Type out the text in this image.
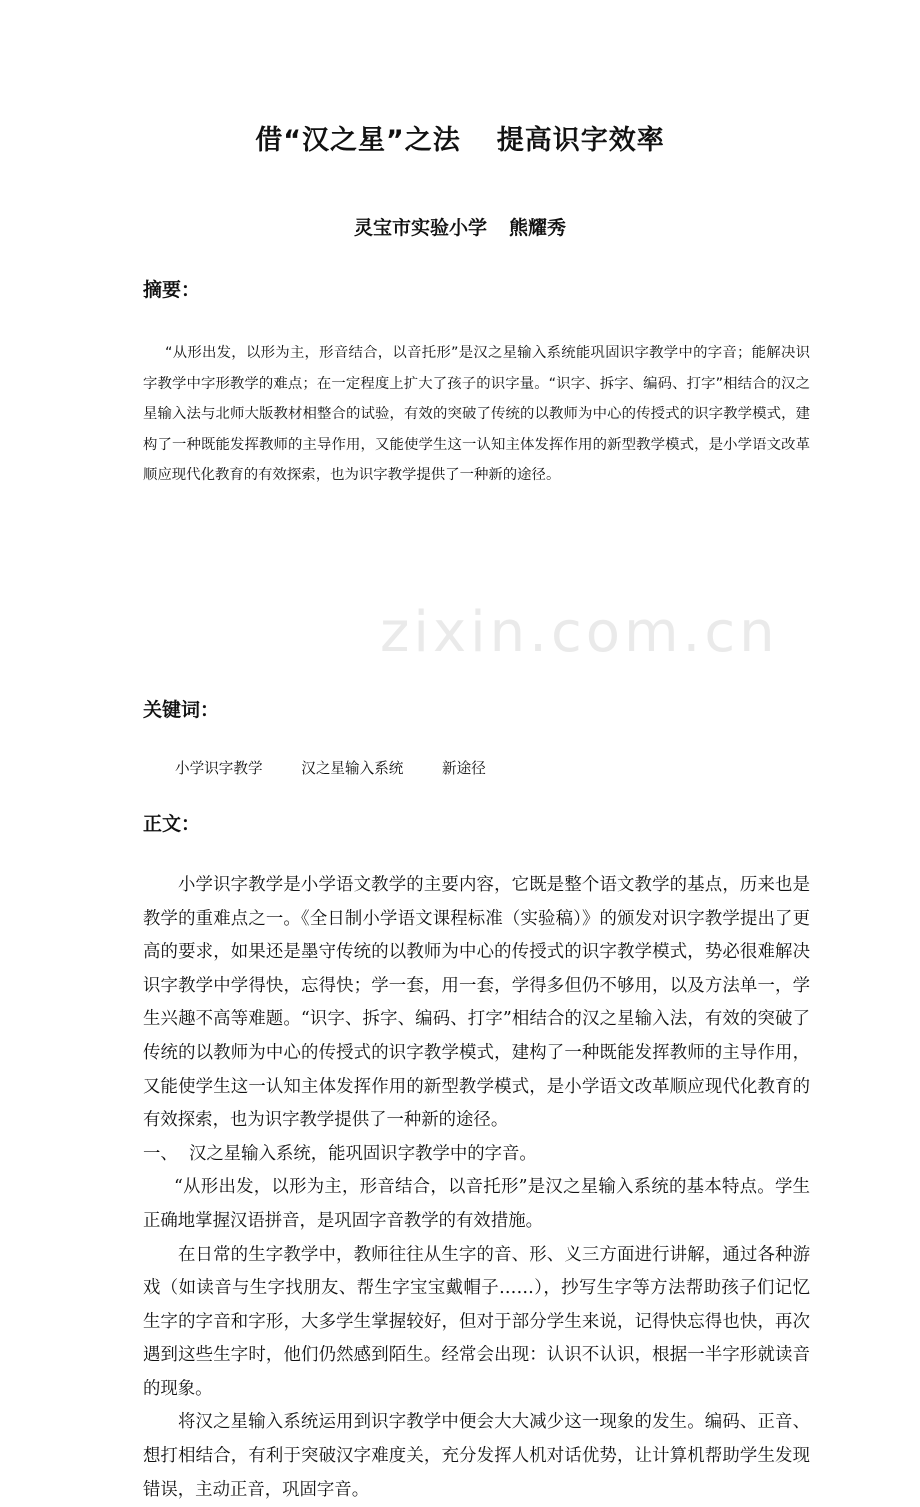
zixin.com.cn
借“汉之星”之法 提高识字效率
灵宝市实验小学 熊耀秀
摘要：

“从形出发，以形为主，形音结合，以音托形”是汉之星输入系统能巩固识字教学中的字音；能解决识字教学中字形教学的难点；在一定程度上扩大了孩子的识字量。“识字、拆字、编码、打字”相结合的汉之星输入法与北师大版教材相整合的试验，有效的突破了传统的以教师为中心的传授式的识字教学模式，建构了一种既能发挥教师的主导作用，又能使学生这一认知主体发挥作用的新型教学模式，是小学语文改革顺应现代化教育的有效探索，也为识字教学提供了一种新的途径。

关键词：
小学识字教学	汉之星输入系统	新途径
正文：

小学识字教学是小学语文教学的主要内容，它既是整个语文教学的基点，历来也是教学的重难点之一。《全日制小学语文课程标准（实验稿）》的颁发对识字教学提出了更高的要求，如果还是墨守传统的以教师为中心的传授式的识字教学模式，势必很难解决识字教学中学得快，忘得快；学一套，用一套，学得多但仍不够用，以及方法单一，学生兴趣不高等难题。“识字、拆字、编码、打字”相结合的汉之星输入法，有效的突破了传统的以教师为中心的传授式的识字教学模式，建构了一种既能发挥教师的主导作用，又能使学生这一认知主体发挥作用的新型教学模式，是小学语文改革顺应现代化教育的有效探索，也为识字教学提供了一种新的途径。

一、 汉之星输入系统，能巩固识字教学中的字音。

“从形出发，以形为主，形音结合，以音托形”是汉之星输入系统的基本特点。学生正确地掌握汉语拼音，是巩固字音教学的有效措施。

在日常的生字教学中，教师往往从生字的音、形、义三方面进行讲解，通过各种游戏（如读音与生字找朋友、帮生字宝宝戴帽子……），抄写生字等方法帮助孩子们记忆生字的字音和字形，大多学生掌握较好，但对于部分学生来说，记得快忘得也快，再次遇到这些生字时，他们仍然感到陌生。经常会出现：认识不认识，根据一半字形就读音的现象。

将汉之星输入系统运用到识字教学中便会大大减少这一现象的发生。编码、正音、想打相结合，有利于突破汉字难度关，充分发挥人机对话优势，让计算机帮助学生发现错误，主动正音，巩固字音。
